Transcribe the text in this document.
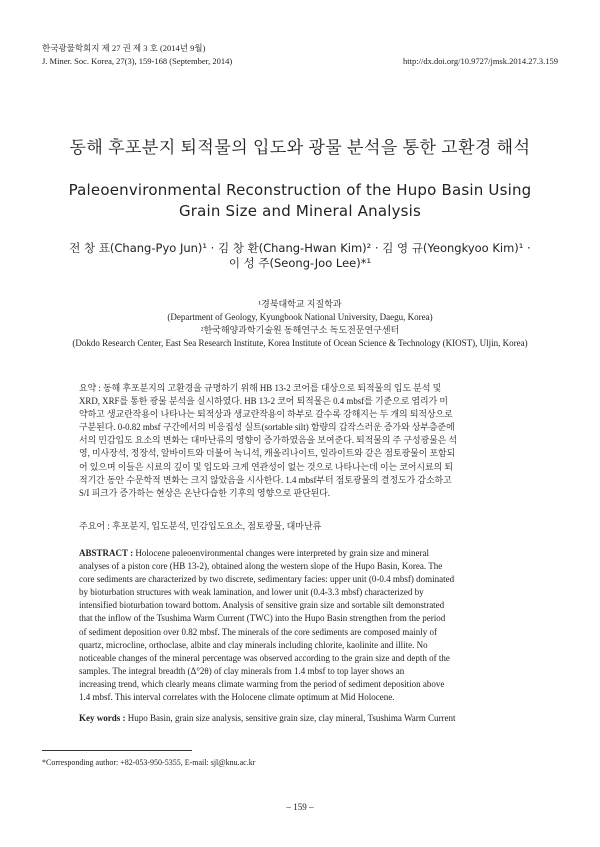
한국광물학회지 제 27 권 제 3 호 (2014년 9월)
J. Miner. Soc. Korea, 27(3), 159-168 (September, 2014)	http://dx.doi.org/10.9727/jmsk.2014.27.3.159
동해 후포분지 퇴적물의 입도와 광물 분석을 통한 고환경 해석
Paleoenvironmental Reconstruction of the Hupo Basin Using
Grain Size and Mineral Analysis
전 창 표(Chang-Pyo Jun)¹ · 김 창 환(Chang-Hwan Kim)² · 김 영 규(Yeongkyoo Kim)¹ ·
이 성 주(Seong-Joo Lee)*¹
¹경북대학교 지질학과
(Department of Geology, Kyungbook National University, Daegu, Korea)
²한국해양과학기술원 동해연구소 독도전문연구센터
(Dokdo Research Center, East Sea Research Institute, Korea Institute of Ocean Science & Technology (KIOST), Uljin, Korea)
요약 : 동해 후포분지의 고환경을 규명하기 위해 HB 13-2 코어를 대상으로 퇴적물의 입도 분석 및
XRD, XRF를 통한 광물 분석을 실시하였다. HB 13-2 코어 퇴적물은 0.4 mbsf를 기준으로 엽리가 미
약하고 생교란작용이 나타나는 퇴적상과 생교란작용이 하부로 갈수록 강해지는 두 개의 퇴적상으로
구분된다. 0-0.82 mbsf 구간에서의 비응집성 실트(sortable silt) 함량의 갑작스러운 증가와 상부층준에
서의 민감입도 요소의 변화는 대마난류의 영향이 증가하였음을 보여준다. 퇴적물의 주 구성광물은 석
영, 미사장석, 정장석, 알바이트와 더불어 녹니석, 캐올리나이트, 일라이트와 같은 점토광물이 포함되
어 있으며 이들은 시료의 깊이 및 입도와 크게 연관성이 없는 것으로 나타나는데 이는 코어시료의 퇴
적기간 동안 수문학적 변화는 크지 않았음을 시사한다. 1.4 mbsf부터 점토광물의 결정도가 감소하고
S/I 피크가 증가하는 현상은 온난다습한 기후의 영향으로 판단된다.
주요어 : 후포분지, 입도분석, 민감입도요소, 점토광물, 대마난류
ABSTRACT : Holocene paleoenvironmental changes were interpreted by grain size and mineral
analyses of a piston core (HB 13-2), obtained along the western slope of the Hupo Basin, Korea. The
core sediments are characterized by two discrete, sedimentary facies: upper unit (0-0.4 mbsf) dominated
by bioturbation structures with weak lamination, and lower unit (0.4-3.3 mbsf) characterized by
intensified bioturbation toward bottom. Analysis of sensitive grain size and sortable silt demonstrated
that the inflow of the Tsushima Warm Current (TWC) into the Hupo Basin strengthen from the period
of sediment deposition over 0.82 mbsf. The minerals of the core sediments are composed mainly of
quartz, microcline, orthoclase, albite and clay minerals including chlorite, kaolinite and illite. No
noticeable changes of the mineral percentage was observed according to the grain size and depth of the
samples. The integral breadth (Δ°2θ) of clay minerals from 1.4 mbsf to top layer shows an
increasing trend, which clearly means climate warming from the period of sediment deposition above
1.4 mbsf. This interval correlates with the Holocene climate optimum at Mid Holocene.
Key words : Hupo Basin, grain size analysis, sensitive grain size, clay mineral, Tsushima Warm Current
*Corresponding author: +82-053-950-5355, E-mail: sjl@knu.ac.kr
– 159 –
